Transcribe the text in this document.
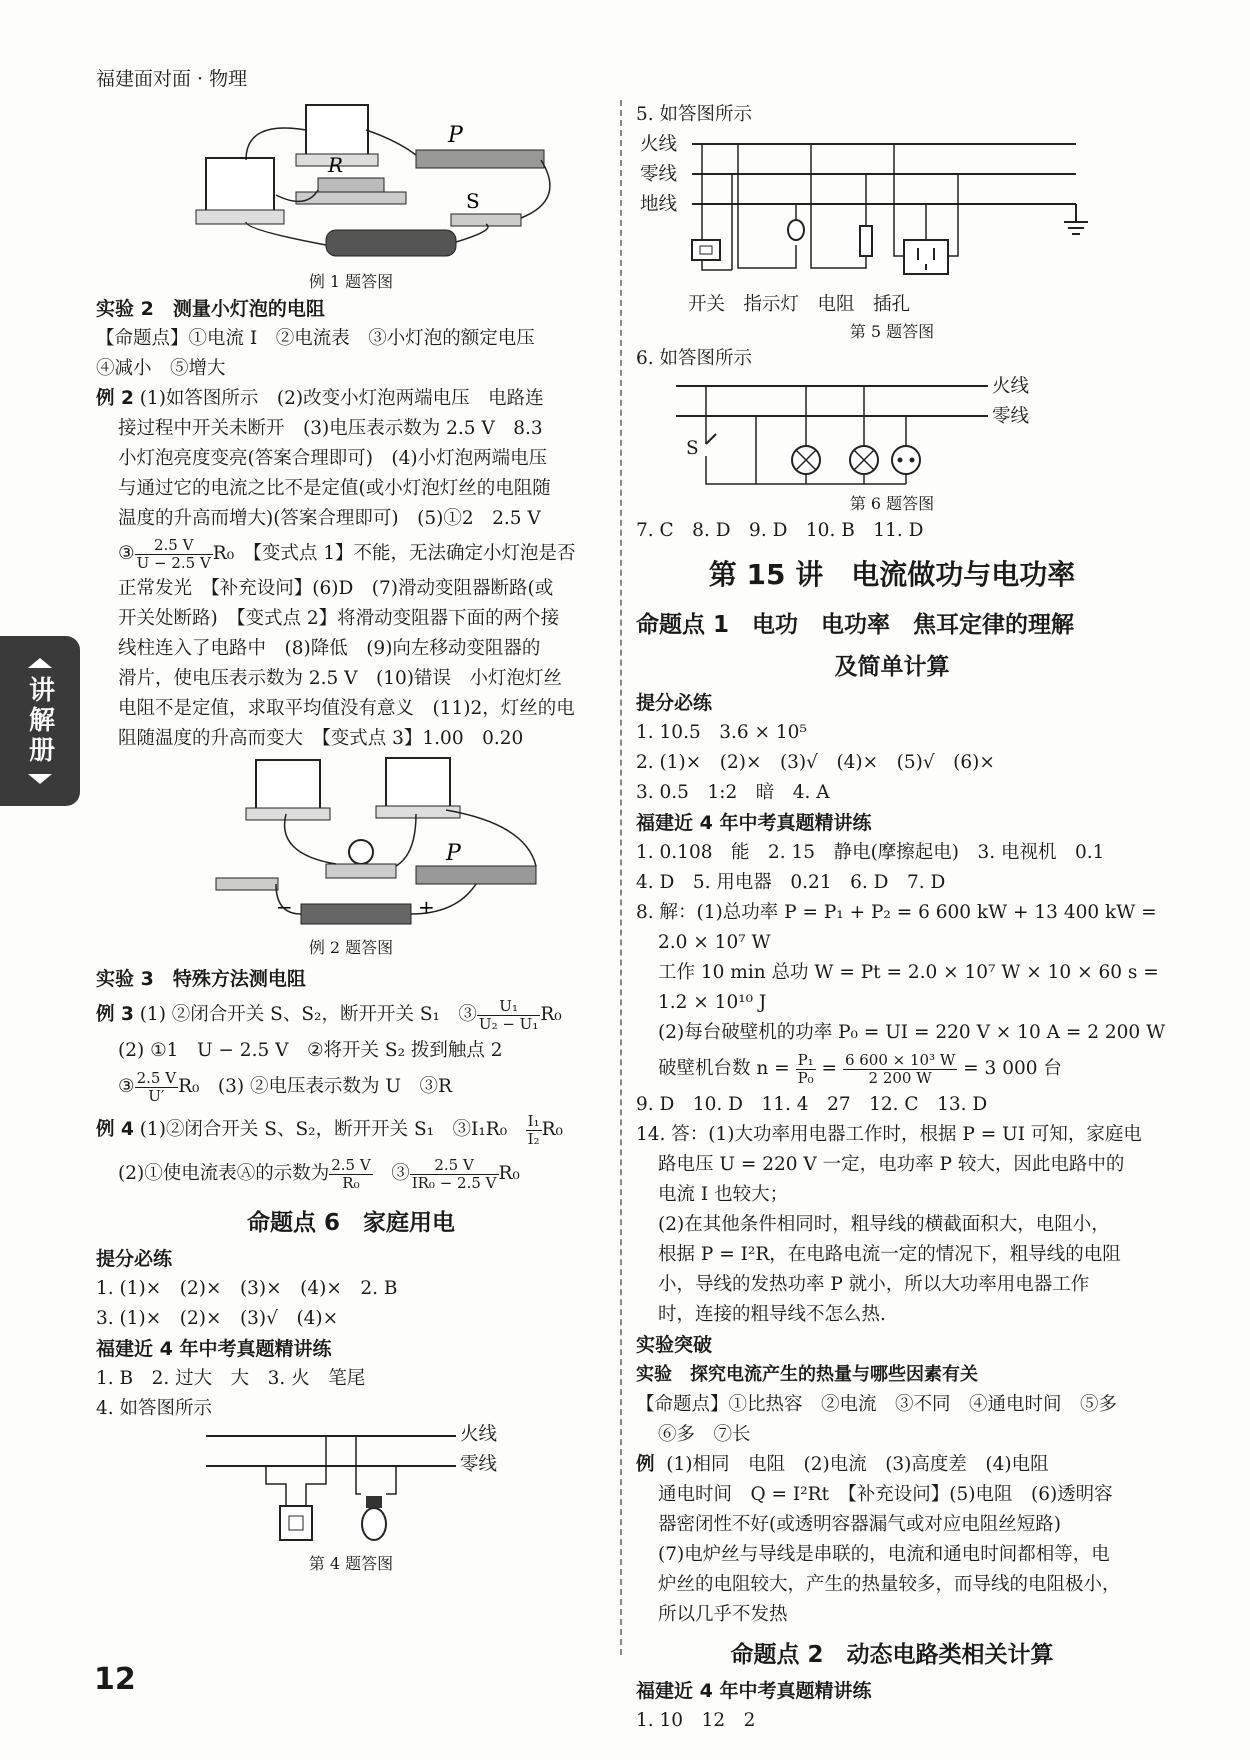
福建面对面 · 物理
讲解册
R
P
S
例 1 题答图
实验 2　测量小灯泡的电阻
【命题点】①电流 I　②电流表　③小灯泡的额定电压
④减小　⑤增大
例 2 (1)如答图所示　(2)改变小灯泡两端电压　电路连
接过程中开关未断开　(3)电压表示数为 2.5 V　8.3
小灯泡亮度变亮(答案合理即可)　(4)小灯泡两端电压
与通过它的电流之比不是定值(或小灯泡灯丝的电阻随
温度的升高而增大)(答案合理即可)　(5)①2　2.5 V
③ $\frac{2.5 V}{U - 2.5 V} R_0$　【变式点 1】不能，无法确定小灯泡是否
正常发光　【补充设问】(6)D　(7)滑动变阻器断路(或
开关处断路)　【变式点 2】将滑动变阻器下面的两个接
线柱连入了电路中　(8)降低　(9)向左移动变阻器的
滑片，使电压表示数为 2.5 V　(10)错误　小灯泡灯丝
电阻不是定值，求取平均值没有意义　(11)2，灯丝的电
阻随温度的升高而变大　【变式点 3】1.00　0.20
P
−	+
例 2 题答图
实验 3　特殊方法测电阻
例 3 (1) ②闭合开关 S、S₂，断开开关 S₁　③ $\frac{\text{U₁}}{\text{U₂ − U₁}} R_0$
(2) ①1　U − 2.5 V　②将开关 S₂ 拨到触点 2
③ $\frac{2.5 V}{U'} R_0$　(3) ②电压表示数为 U　③R
例 4 (1)②闭合开关 S、S₂，断开开关 S₁　③I₁R₀　 $\frac{\text{I₁}}{\text{I₂}} R_0$
(2)①使电流表Ⓐ的示数为 $\frac{2.5 V}{\text{R₀}}$ 　③ $\frac{2.5 V}{\text{IR₀ − 2.5 V}} R_0$
命题点 6　家庭用电
提分必练
1. (1)×　(2)×　(3)×　(4)×　2. B
3. (1)×　(2)×　(3)√　(4)×
福建近 4 年中考真题精讲练
1. B　2. 过大　大　3. 火　笔尾
4. 如答图所示
火线
零线
第 4 题答图
5. 如答图所示
火线
零线
地线
开关　指示灯　电阻　插孔
第 5 题答图
6. 如答图所示
火线
零线
S
第 6 题答图
7. C　8. D　9. D　10. B　11. D
第 15 讲　电流做功与电功率
命题点 1　电功　电功率　焦耳定律的理解
及简单计算
提分必练
1. 10.5　3.6 × 10⁵
2. (1)×　(2)×　(3)√　(4)×　(5)√　(6)×
3. 0.5　1:2　暗　4. A
福建近 4 年中考真题精讲练
1. 0.108　能　2. 15　静电(摩擦起电)　3. 电视机　0.1
4. D　5. 用电器　0.21　6. D　7. D
8. 解：(1)总功率 P = P₁ + P₂ = 6 600 kW + 13 400 kW =
2.0 × 10⁷ W
工作 10 min 总功 W = Pt = 2.0 × 10⁷ W × 10 × 60 s =
1.2 × 10¹⁰ J
(2)每台破壁机的功率 P₀ = UI = 220 V × 10 A = 2 200 W
破壁机台数 $n = \frac{\text{P₁}}{\text{P₀}} = \frac{\text{6 600 × 10³ W}}{2 200 W} = 3$ 000 台
9. D　10. D　11. 4　27　12. C　13. D
14. 答：(1)大功率用电器工作时，根据 P = UI 可知，家庭电
路电压 U = 220 V 一定，电功率 P 较大，因此电路中的
电流 I 也较大；
(2)在其他条件相同时，粗导线的横截面积大，电阻小，
根据 P = I²R，在电路电流一定的情况下，粗导线的电阻
小，导线的发热功率 P 就小，所以大功率用电器工作
时，连接的粗导线不怎么热.
实验突破
实验　探究电流产生的热量与哪些因素有关
【命题点】①比热容　②电流　③不同　④通电时间　⑤多
⑥多　⑦长
例 (1)相同　电阻　(2)电流　(3)高度差　(4)电阻
通电时间　Q = I²Rt　【补充设问】(5)电阻　(6)透明容
器密闭性不好(或透明容器漏气或对应电阻丝短路)
(7)电炉丝与导线是串联的，电流和通电时间都相等，电
炉丝的电阻较大，产生的热量较多，而导线的电阻极小，
所以几乎不发热
命题点 2　动态电路类相关计算
福建近 4 年中考真题精讲练
1. 10　12　2
12
